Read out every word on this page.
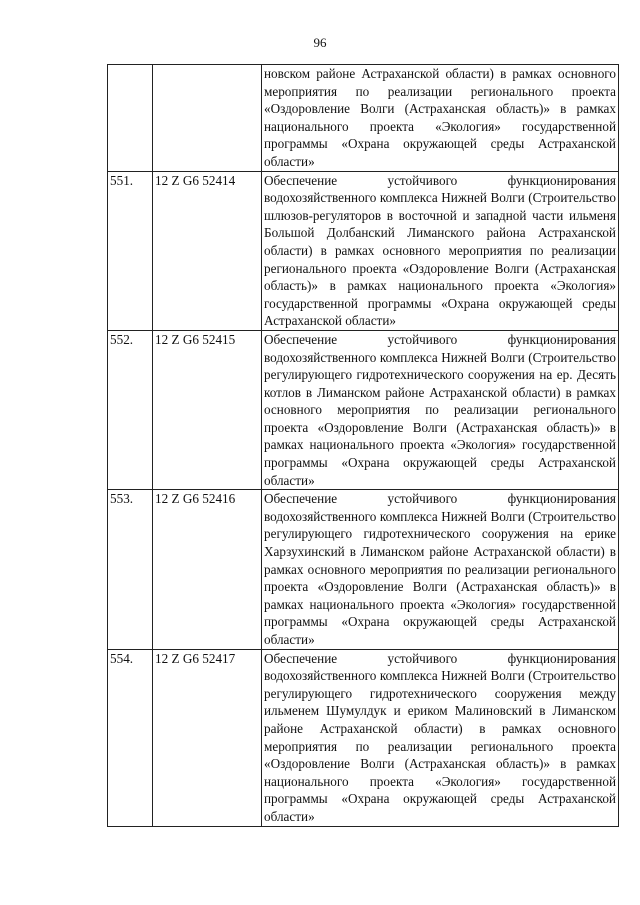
96
		новском районе Астраханской области) в рамках основного мероприятия по реализации регионального проекта «Оздоровление Волги (Астраханская область)» в рамках национального проекта «Экология» государственной программы «Охрана окружающей среды Астраханской области»
551.	12 Z G6 52414	Обеспечение устойчивого функционирования водохозяйственного комплекса Нижней Волги (Строительство шлюзов-регуляторов в восточной и западной части ильменя Большой Долбанский Лиманского района Астраханской области) в рамках основного мероприятия по реализации регионального проекта «Оздоровление Волги (Астраханская область)» в рамках национального проекта «Экология» государственной программы «Охрана окружающей среды Астраханской области»
552.	12 Z G6 52415	Обеспечение устойчивого функционирования водохозяйственного комплекса Нижней Волги (Строительство регулирующего гидротехнического сооружения на ер. Десять котлов в Лиманском районе Астраханской области) в рамках основного мероприятия по реализации регионального проекта «Оздоровление Волги (Астраханская область)» в рамках национального проекта «Экология» государственной программы «Охрана окружающей среды Астраханской области»
553.	12 Z G6 52416	Обеспечение устойчивого функционирования водохозяйственного комплекса Нижней Волги (Строительство регулирующего гидротехнического сооружения на ерике Харзухинский в Лиманском районе Астраханской области) в рамках основного мероприятия по реализации регионального проекта «Оздоровление Волги (Астраханская область)» в рамках национального проекта «Экология» государственной программы «Охрана окружающей среды Астраханской области»
554.	12 Z G6 52417	Обеспечение устойчивого функционирования водохозяйственного комплекса Нижней Волги (Строительство регулирующего гидротехнического сооружения между ильменем Шумулдук и ериком Малиновский в Лиманском районе Астраханской области) в рамках основного мероприятия по реализации регионального проекта «Оздоровление Волги (Астраханская область)» в рамках национального проекта «Экология» государственной программы «Охрана окружающей среды Астраханской области»
